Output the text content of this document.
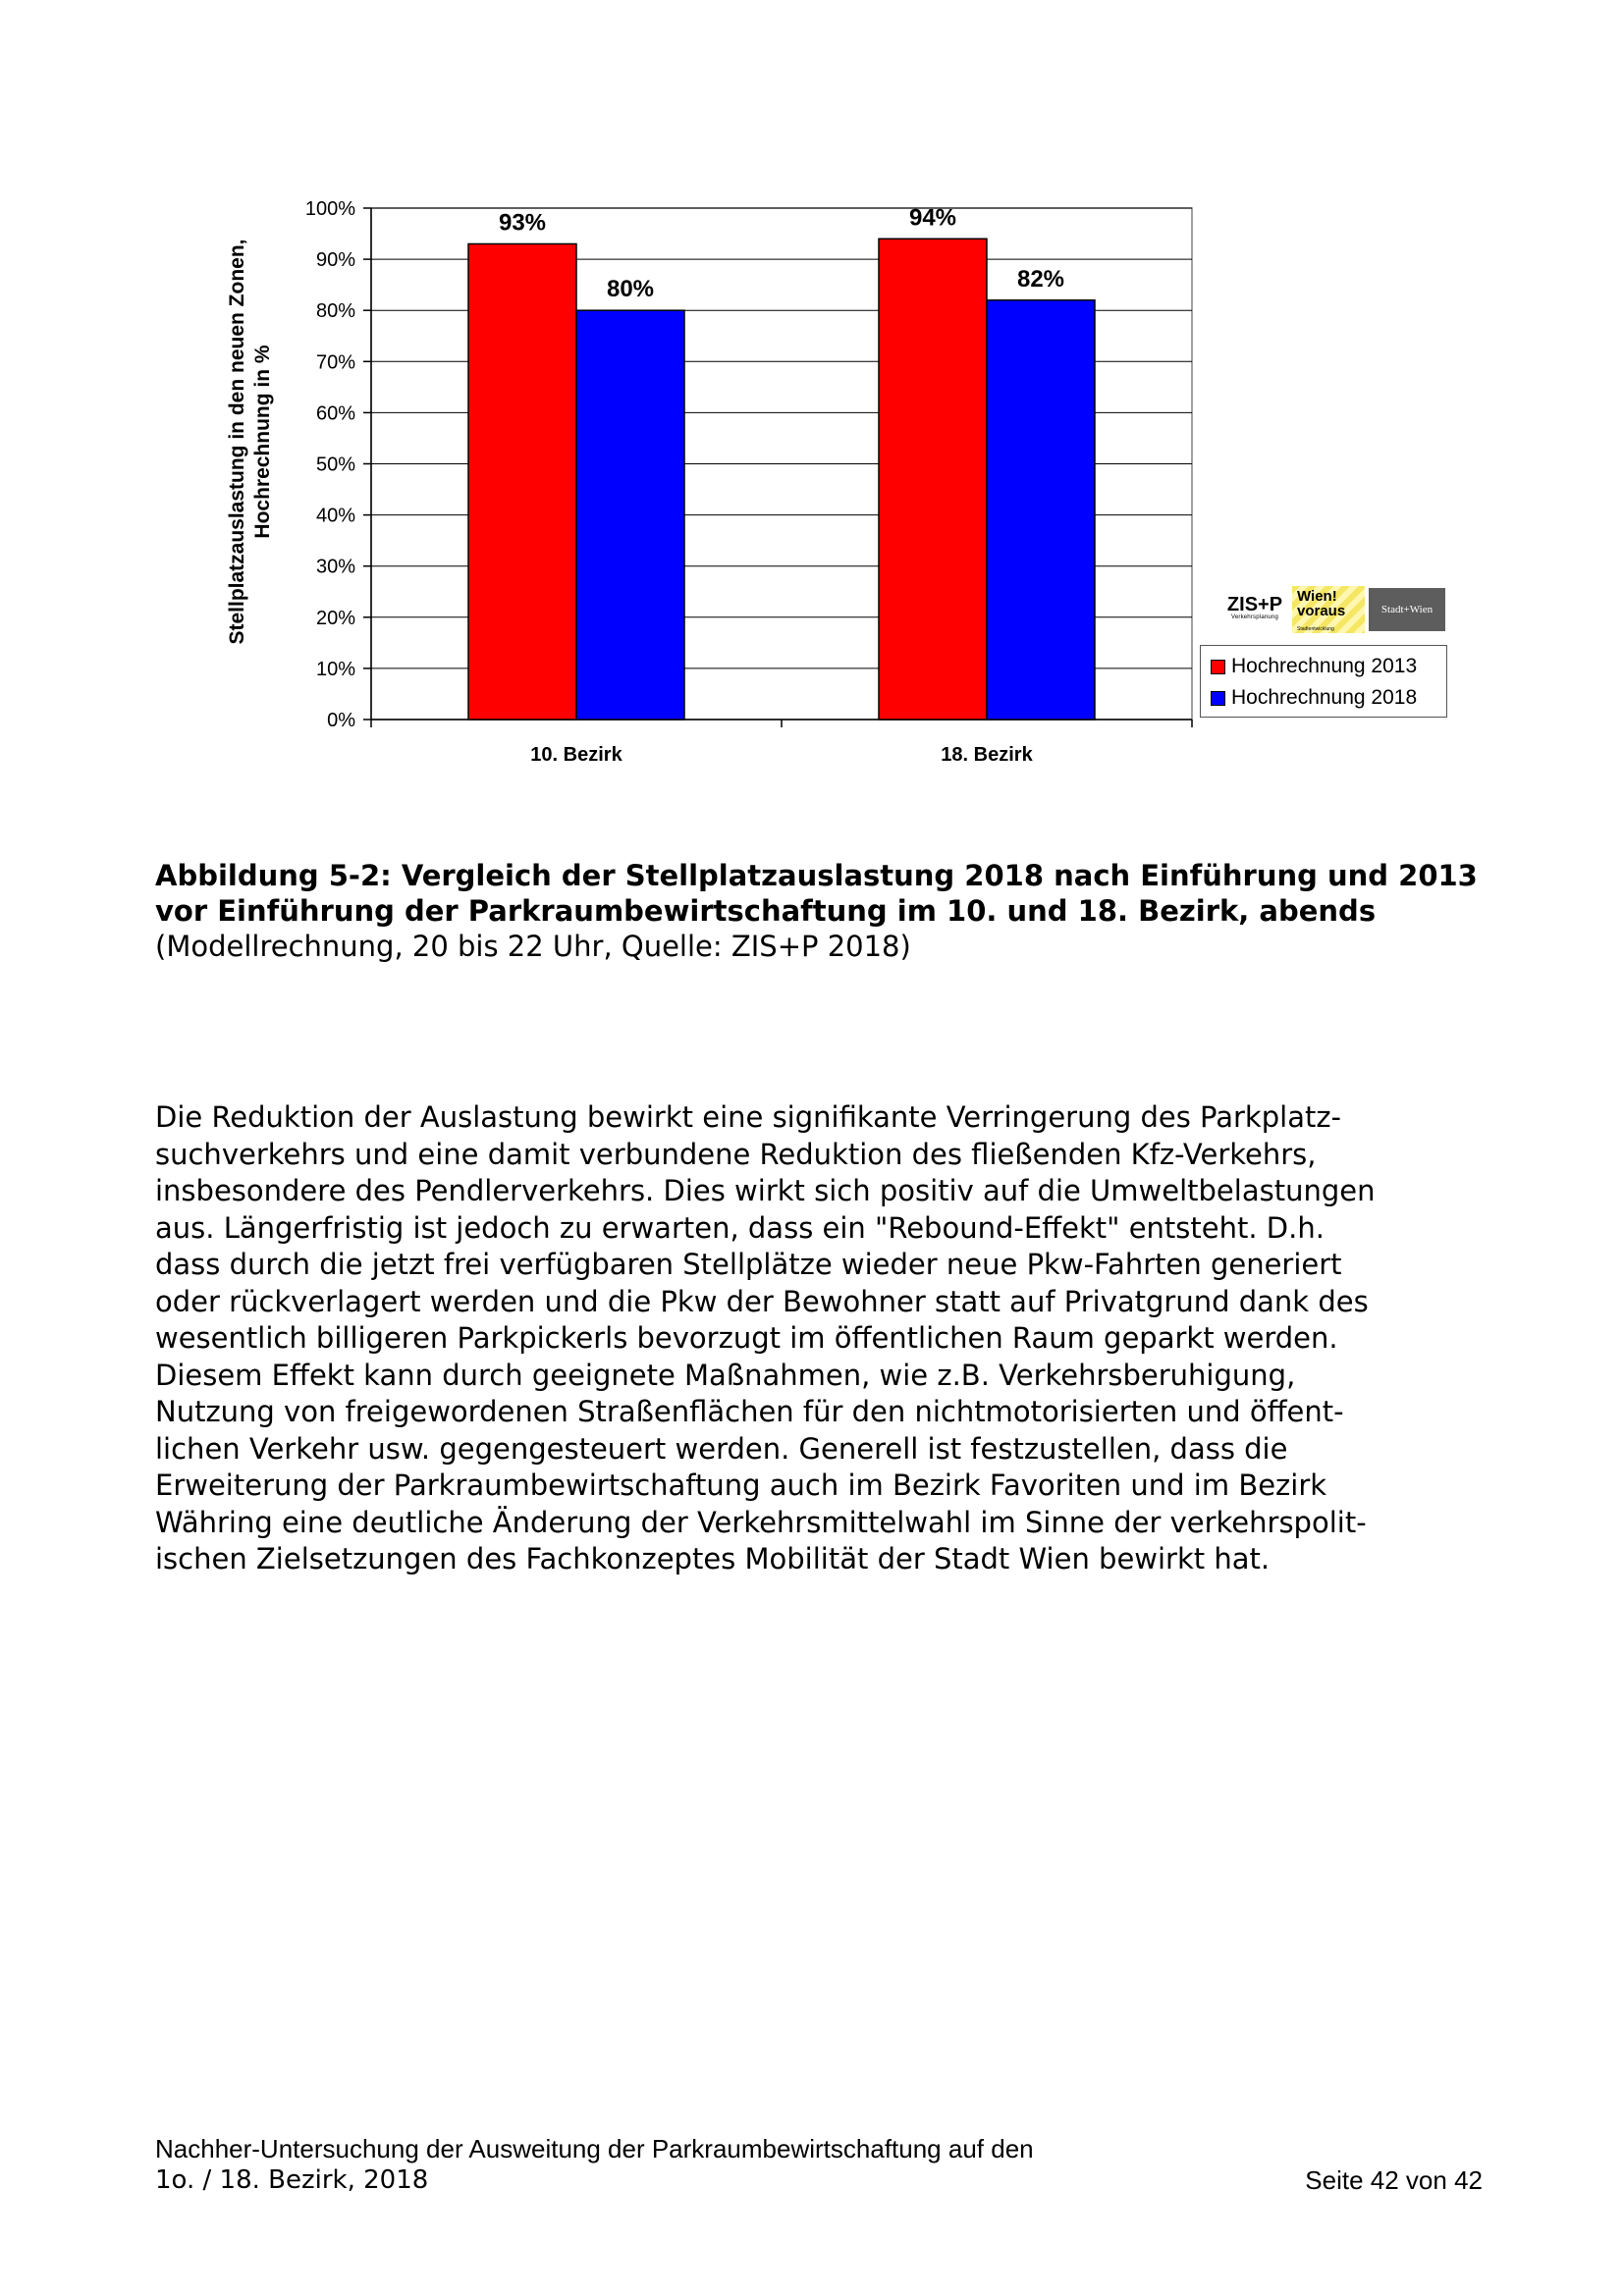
0%
10%
20%
30%
40%
50%
60%
70%
80%
90%
100%
93%
80%
10. Bezirk
94%
82%
18. Bezirk
Stellplatzauslastung in den neuen Zonen, Hochrechnung in %
ZIS+P
Verkehrsplanung
Wien!
voraus
Stadtentwicklung
Stadt+Wien
Hochrechnung 2013
Hochrechnung 2018
Abbildung 5-2: Vergleich der Stellplatzauslastung 2018 nach Einführung und 2013 vor Einführung der Parkraumbewirtschaftung im 10. und 18. Bezirk, abends
(Modellrechnung, 20 bis 22 Uhr, Quelle: ZIS+P 2018)
Die Reduktion der Auslastung bewirkt eine signifikante Verringerung des Parkplatz-
suchverkehrs und eine damit verbundene Reduktion des fließenden Kfz-Verkehrs,
insbesondere des Pendlerverkehrs. Dies wirkt sich positiv auf die Umweltbelastungen
aus. Längerfristig ist jedoch zu erwarten, dass ein "Rebound-Effekt" entsteht. D.h.
dass durch die jetzt frei verfügbaren Stellplätze wieder neue Pkw-Fahrten generiert
oder rückverlagert werden und die Pkw der Bewohner statt auf Privatgrund dank des
wesentlich billigeren Parkpickerls bevorzugt im öffentlichen Raum geparkt werden.
Diesem Effekt kann durch geeignete Maßnahmen, wie z.B. Verkehrsberuhigung,
Nutzung von freigewordenen Straßenflächen für den nichtmotorisierten und öffent-
lichen Verkehr usw. gegengesteuert werden. Generell ist festzustellen, dass die
Erweiterung der Parkraumbewirtschaftung auch im Bezirk Favoriten und im Bezirk
Währing eine deutliche Änderung der Verkehrsmittelwahl im Sinne der verkehrspolit-
ischen Zielsetzungen des Fachkonzeptes Mobilität der Stadt Wien bewirkt hat.
Nachher-Untersuchung der Ausweitung der Parkraumbewirtschaftung auf den
1o. / 18. Bezirk, 2018	Seite 42 von 42
